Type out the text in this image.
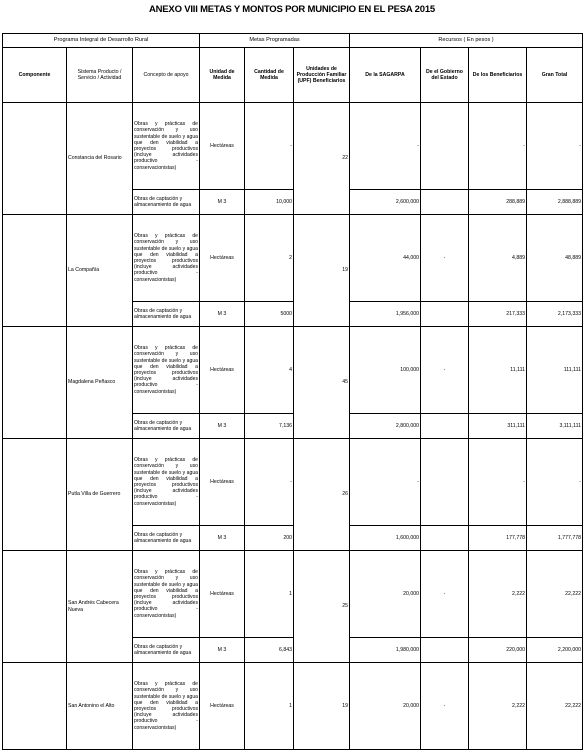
ANEXO VIII METAS Y MONTOS POR MUNICIPIO EN EL PESA 2015

Programa Integral de Desarrollo Rural			Metas Programadas			Recursos ( En pesos )			
Componente	Sistema Producto / Servicio / Actividad	Concepto de apoyo	Unidad de Medida	Cantidad de Medida	Unidades de Producción Familiar (UPF) Beneficiarios	De la SAGARPA	De el Gobierno del Estado	De los Beneficiarios	Gran Total
	Constancia del Rosario	Obras y prácticas de conservación y uso sustentable de suelo y agua que den viabilidad a proyectos productivos (incluye actividades productivo - conservacionistas)	Hectáreas	-	22	-		-	-
		Obras de captación y almacenamiento de agua	M 3	10,000		2,600,000		288,889	2,888,889
	La Compañía	Obras y prácticas de conservación y uso sustentable de suelo y agua que den viabilidad a proyectos productivos (incluye actividades productivo - conservacionistas)	Hectáreas	2	19	44,000	-	4,889	48,889
		Obras de captación y almacenamiento de agua	M 3	5000		1,956,000		217,333	2,173,333
	Magdalena Peñasco	Obras y prácticas de conservación y uso sustentable de suelo y agua que den viabilidad a proyectos productivos (incluye actividades productivo - conservacionistas)	Hectáreas	4	45	100,000	-	11,111	111,111
		Obras de captación y almacenamiento de agua	M 3	7,136		2,800,000		311,111	3,111,111
	Putla Villa de Guerrero	Obras y prácticas de conservación y uso sustentable de suelo y agua que den viabilidad a proyectos productivos (incluye actividades productivo - conservacionistas)	Hectáreas	-	26	-		-	-
		Obras de captación y almacenamiento de agua	M 3	200		1,600,000		177,778	1,777,778
	San Andrés Cabecera Nueva	Obras y prácticas de conservación y uso sustentable de suelo y agua que den viabilidad a proyectos productivos (incluye actividades productivo - conservacionistas)	Hectáreas	1	25	20,000	-	2,222	22,222
		Obras de captación y almacenamiento de agua	M 3	6,843		1,980,000		220,000	2,200,000
	San Antonino el Alto	Obras y prácticas de conservación y uso sustentable de suelo y agua que den viabilidad a proyectos productivos (incluye actividades productivo - conservacionistas)	Hectáreas	1	19	20,000	-	2,222	22,222
